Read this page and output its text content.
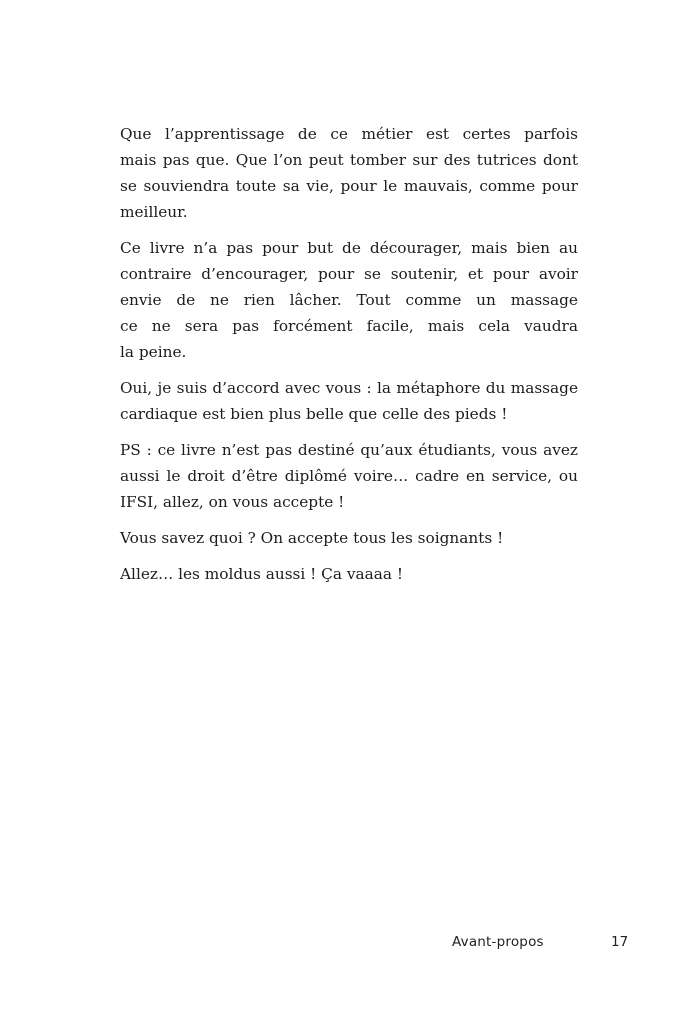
Que l’apprentissage de ce métier est certes parfois
mais pas que. Que l’on peut tomber sur des tutrices dont
se souviendra toute sa vie, pour le mauvais, comme pour
meilleur.
Ce livre n’a pas pour but de décourager, mais bien au
contraire d’encourager, pour se soutenir, et pour avoir
envie de ne rien lâcher. Tout comme un massage
ce ne sera pas forcément facile, mais cela vaudra
la peine.
Oui, je suis d’accord avec vous : la métaphore du massage
cardiaque est bien plus belle que celle des pieds !
PS : ce livre n’est pas destiné qu’aux étudiants, vous avez
aussi le droit d’être diplômé voire… cadre en service, ou
IFSI, allez, on vous accepte !
Vous savez quoi ? On accepte tous les soignants !
Allez… les moldus aussi ! Ça vaaaa !
Avant-propos	17
